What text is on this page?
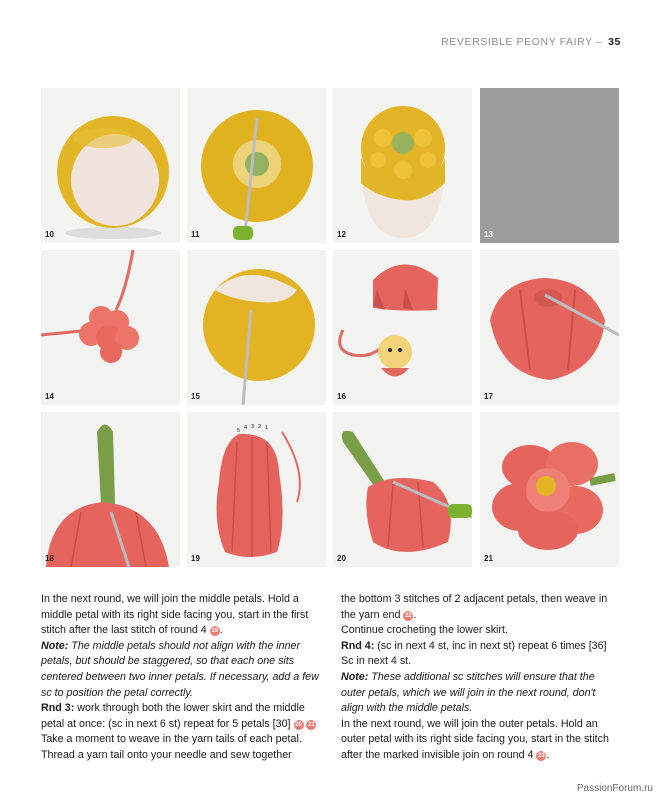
REVERSIBLE PEONY FAIRY – 35
10	11	12	13
14	15	16	17
18
5 4 3 2 1
19	20	21

In the next round, we will join the middle petals. Hold a middle petal with its right side facing you, start in the first stitch after the last stitch of round 4 19 .

Note: The middle petals should not align with the inner petals, but should be staggered, so that each one sits centered between two inner petals. If necessary, add a few sc to position the petal correctly.

Rnd 3: work through both the lower skirt and the middle petal at once: (sc in next 6 st) repeat for 5 petals [30] 20 21

Take a moment to weave in the yarn tails of each petal. Thread a yarn tail onto your needle and sew together

the bottom 3 stitches of 2 adjacent petals, then weave in the yarn end 22 .

Continue crocheting the lower skirt.

Rnd 4: (sc in next 4 st, inc in next st) repeat 6 times [36]

Sc in next 4 st.

Note: These additional sc stitches will ensure that the outer petals, which we will join in the next round, don't align with the middle petals.

In the next round, we will join the outer petals. Hold an outer petal with its right side facing you, start in the stitch after the marked invisible join on round 4 23 .

PassionForum.ru
